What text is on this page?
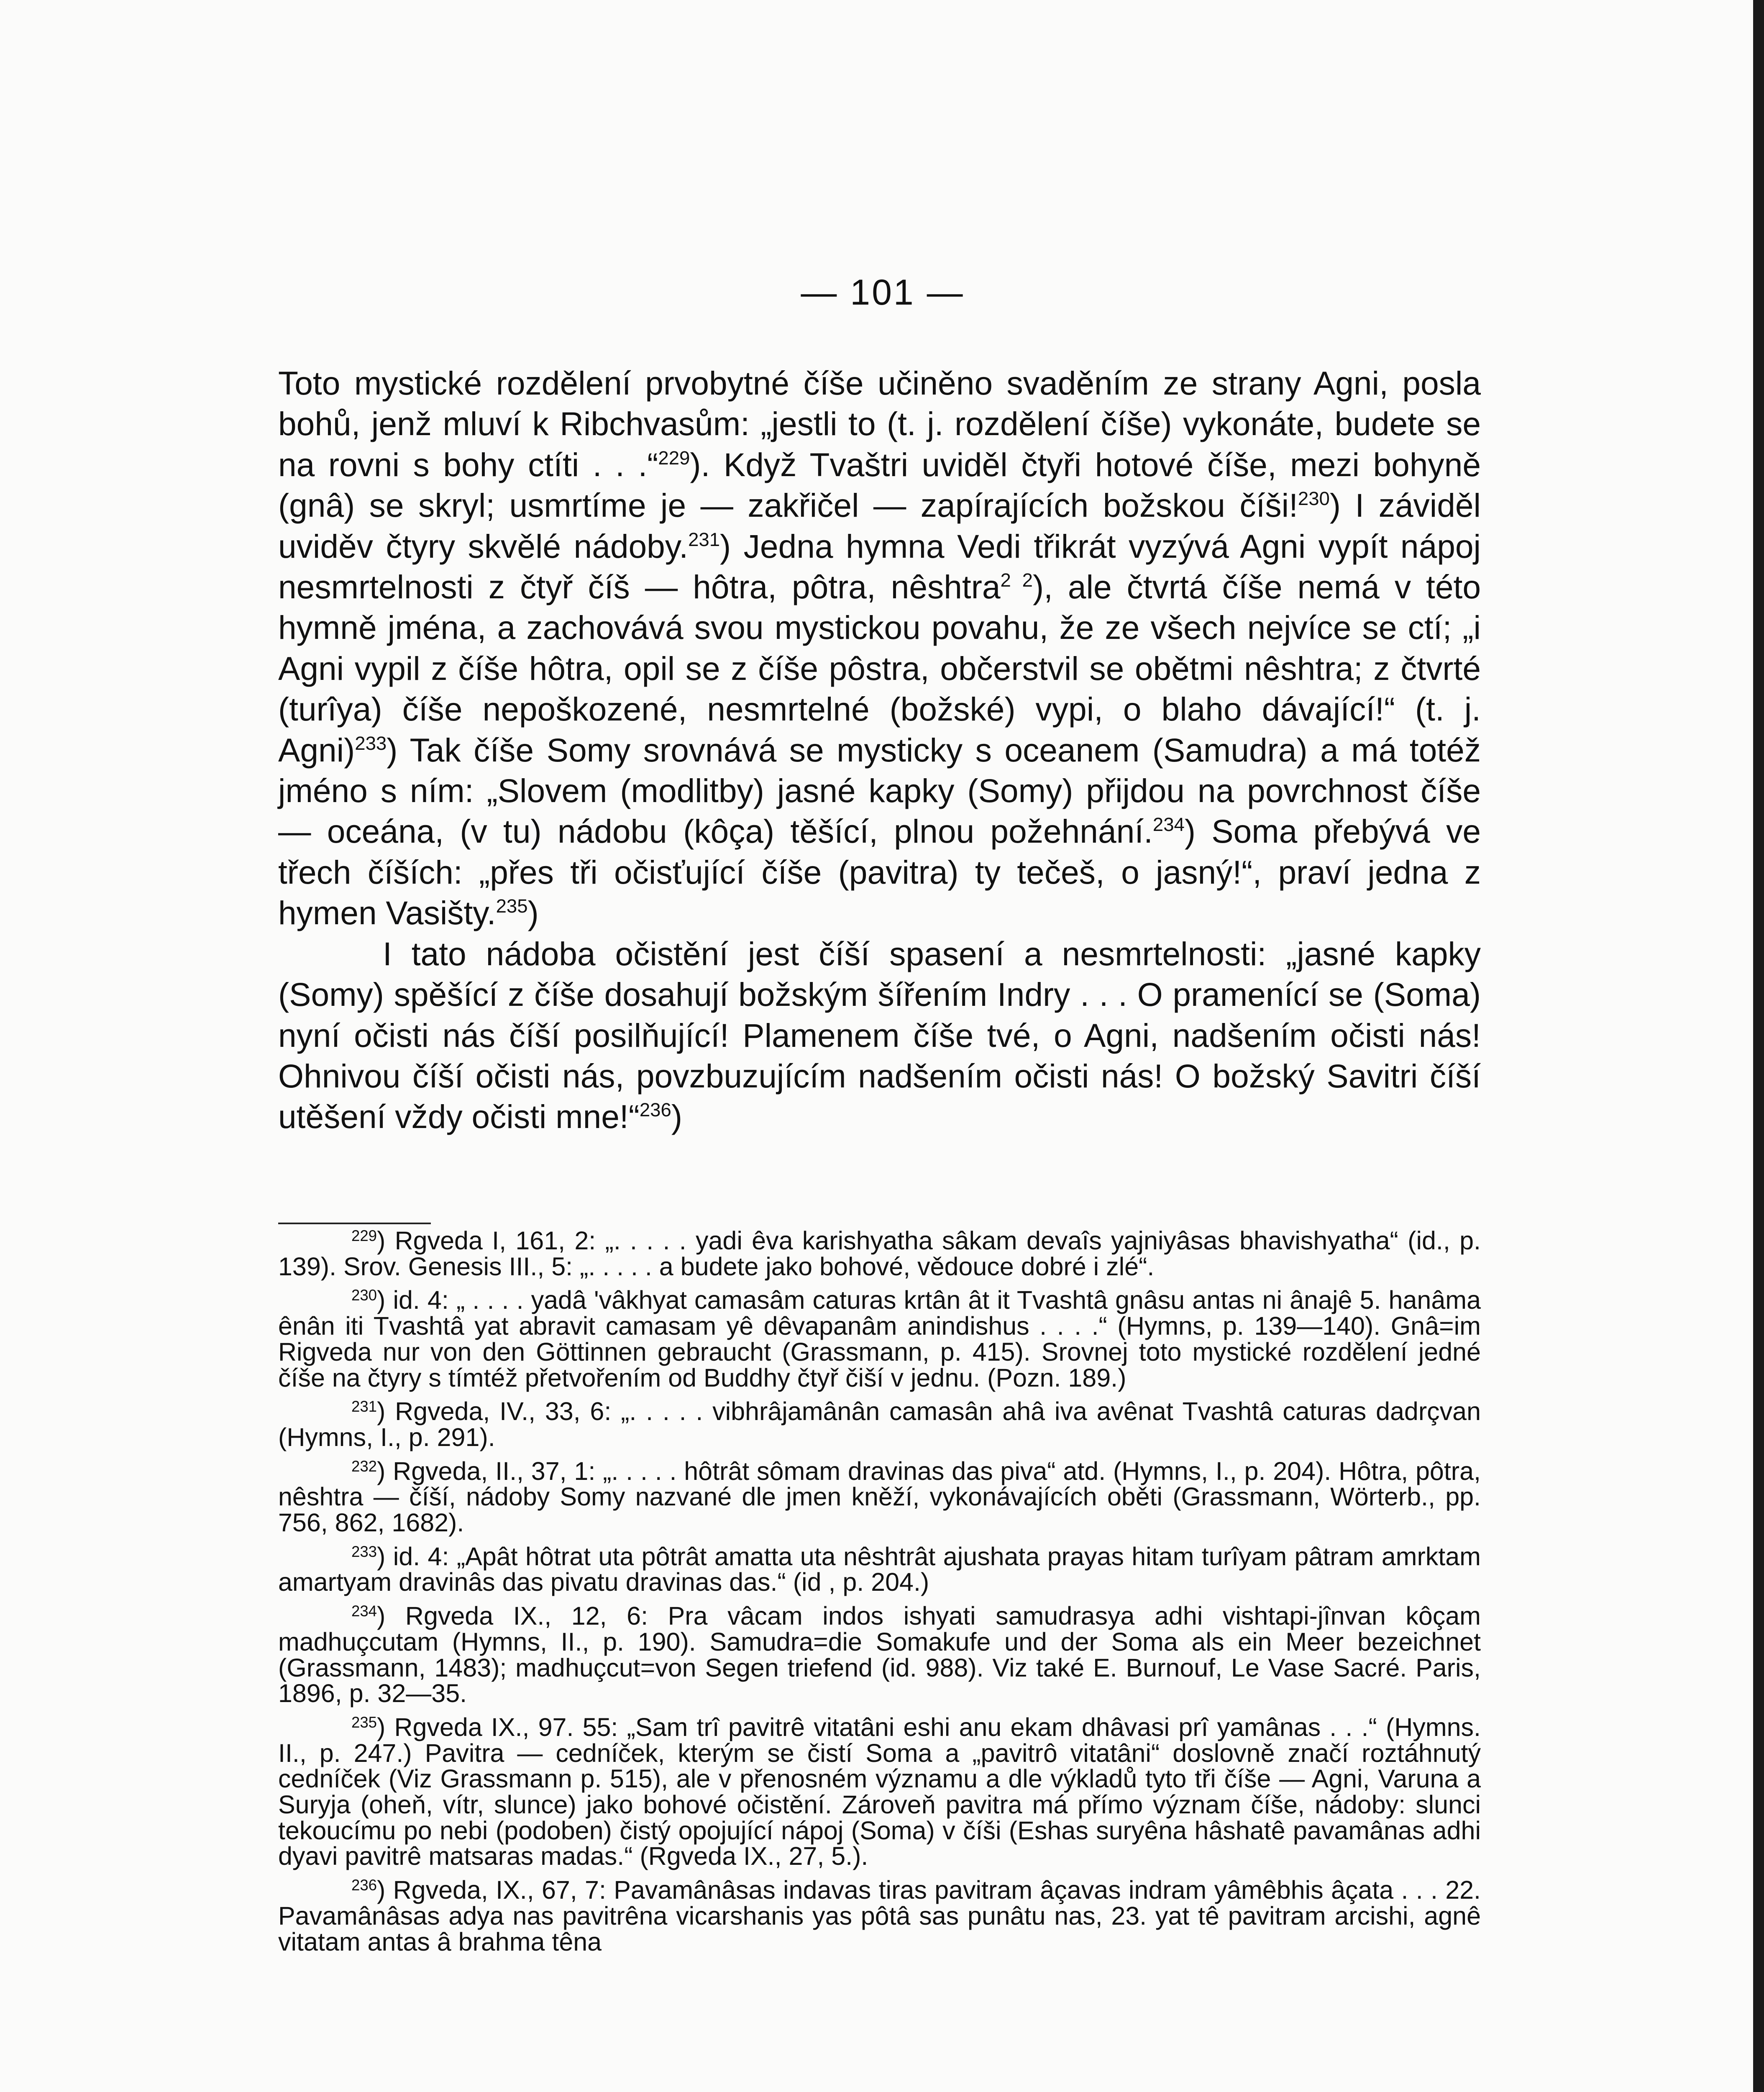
— 101 —

Toto mystické rozdělení prvobytné číše učiněno svaděním ze strany Agni, posla bohů, jenž mluví k Ribchvasům: „jestli to (t. j. rozdělení číše) vykonáte, budete se na rovni s bohy ctíti . . .“$^{229}$). Když Tvaštri uviděl čtyři hotové číše, mezi bohyně (gnâ) se skryl; usmrtíme je — zakřičel — zapírajících božskou číši!$^{230}$) I záviděl uviděv čtyry skvělé nádoby.$^{231}$) Jedna hymna Vedi třikrát vyzývá Agni vypít nápoj nesmrtelnosti z čtyř číš — hôtra, pôtra, nêshtra$^{2 2}$), ale čtvrtá číše nemá v této hymně jména, a zachovává svou mystickou povahu, že ze všech nejvíce se ctí; „i Agni vypil z číše hôtra, opil se z číše pôstra, občerstvil se obětmi nêshtra; z čtvrté (turîya) číše nepoškozené, nesmrtelné (božské) vypi, o blaho dávající!“ (t. j. Agni)$^{233}$) Tak číše Somy srovnává se mysticky s oceanem (Samudra) a má totéž jméno s ním: „Slovem (modlitby) jasné kapky (Somy) přijdou na povrchnost číše — oceána, (v tu) nádobu (kôça) těšící, plnou požehnání.$^{234}$) Soma přebývá ve třech číších: „přes tři očisťující číše (pavitra) ty tečeš, o jasný!“, praví jedna z hymen Vasišty.$^{235}$)

I tato nádoba očistění jest číší spasení a nesmrtelnosti: „jasné kapky (Somy) spěšící z číše dosahují božským šířením Indry . . . O pramenící se (Soma) nyní očisti nás číší posilňující! Plamenem číše tvé, o Agni, nadšením očisti nás! Ohnivou číší očisti nás, povzbuzujícím nadšením očisti nás! O božský Savitri číší utěšení vždy očisti mne!“$^{236}$)

$^{229}$) Rgveda I, 161, 2: „. . . . . yadi êva karishyatha sâkam devaîs yajniyâsas bhavishyatha“ (id., p. 139). Srov. Genesis III., 5: „. . . . . a budete jako bohové, vědouce dobré i zlé“.

$^{230}$) id. 4: „ . . . . yadâ 'vâkhyat camasâm caturas krtân ât it Tvashtâ gnâsu antas ni ânajê 5. hanâma ênân iti Tvashtâ yat abravit camasam yê dêvapanâm anindishus . . . .“ (Hymns, p. 139—140). Gnâ=im Rigveda nur von den Göttinnen gebraucht (Grassmann, p. 415). Srovnej toto mystické rozdělení jedné číše na čtyry s tímtéž přetvořením od Buddhy čtyř čiší v jednu. (Pozn. 189.)

$^{231}$) Rgveda, IV., 33, 6: „. . . . . vibhrâjamânân camasân ahâ iva avênat Tvashtâ caturas dadrçvan (Hymns, I., p. 291).

$^{232}$) Rgveda, II., 37, 1: „. . . . . hôtrât sômam dravinas das piva“ atd. (Hymns, I., p. 204). Hôtra, pôtra, nêshtra — číší, nádoby Somy nazvané dle jmen kněží, vykonávajících oběti (Grassmann, Wörterb., pp. 756, 862, 1682).

$^{233}$) id. 4: „Apât hôtrat uta pôtrât amatta uta nêshtrât ajushata prayas hitam turîyam pâtram amrktam amartyam dravinâs das pivatu dravinas das.“ (id , p. 204.)

$^{234}$) Rgveda IX., 12, 6: Pra vâcam indos ishyati samudrasya adhi vishtapi-jînvan kôçam madhuçcutam (Hymns, II., p. 190). Samudra=die Somakufe und der Soma als ein Meer bezeichnet (Grassmann, 1483); madhuçcut=von Segen triefend (id. 988). Viz také E. Burnouf, Le Vase Sacré. Paris, 1896, p. 32—35.

$^{235}$) Rgveda IX., 97. 55: „Sam trî pavitrê vitatâni eshi anu ekam dhâvasi prî yamânas . . .“ (Hymns. II., p. 247.) Pavitra — cedníček, kterým se čistí Soma a „pavitrô vitatâni“ doslovně značí roztáhnutý cedníček (Viz Grassmann p. 515), ale v přenosném významu a dle výkladů tyto tři číše — Agni, Varuna a Suryja (oheň, vítr, slunce) jako bohové očistění. Zároveň pavitra má přímo význam číše, nádoby: slunci tekoucímu po nebi (podoben) čistý opojující nápoj (Soma) v číši (Eshas suryêna hâshatê pavamânas adhi dyavi pavitrê matsaras madas.“ (Rgveda IX., 27, 5.).

$^{236}$) Rgveda, IX., 67, 7: Pavamânâsas indavas tiras pavitram âçavas indram yâmêbhis âçata . . . 22. Pavamânâsas adya nas pavitrêna vicarshanis yas pôtâ sas punâtu nas, 23. yat tê pavitram arcishi, agnê vitatam antas â brahma têna
